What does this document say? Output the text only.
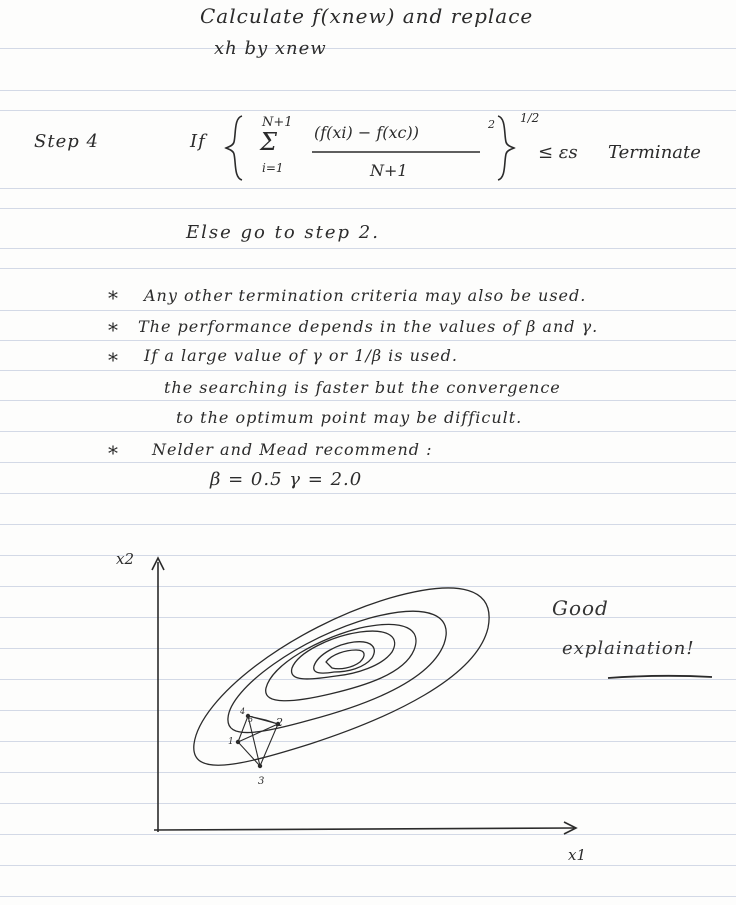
Calculate f(xnew) and replace
xh by xnew
Step 4	If
N+1
Σ
i=1
(f(xi) − f(xc))	2
N+1
1/2
≤ εs Terminate
Else go to step 2.
* Any other termination criteria may also be used.
* The performance depends in the values of β and γ.
* If a large value of γ or 1/β is used.
the searching is faster but the convergence
to the optimum point may be difficult.
* Nelder and Mead recommend :
β = 0.5 γ = 2.0
Good
explaination!
x2
x1
1
2
3
4
5
